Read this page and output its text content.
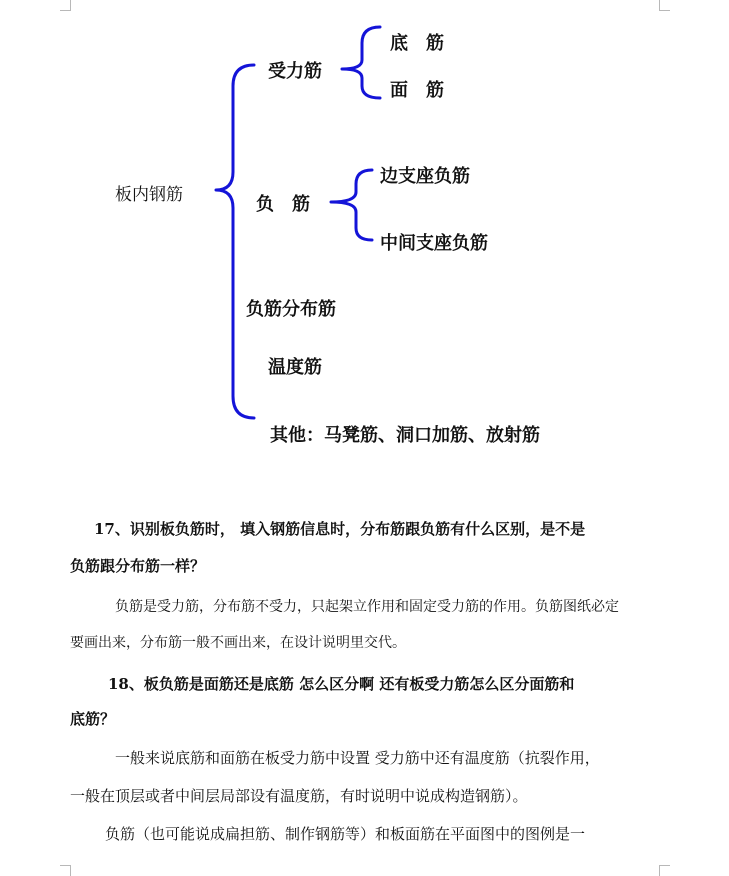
板内钢筋
受力筋
底　筋
面　筋
负　筋
边支座负筋
中间支座负筋
负筋分布筋
温度筋
其他：马凳筋、洞口加筋、放射筋
17、识别板负筋时， 填入钢筋信息时，分布筋跟负筋有什么区别，是不是
负筋跟分布筋一样？
负筋是受力筋，分布筋不受力，只起架立作用和固定受力筋的作用。负筋图纸必定
要画出来，分布筋一般不画出来，在设计说明里交代。
18、板负筋是面筋还是底筋 怎么区分啊 还有板受力筋怎么区分面筋和
底筋？
一般来说底筋和面筋在板受力筋中设置 受力筋中还有温度筋（抗裂作用，
一般在顶层或者中间层局部设有温度筋，有时说明中说成构造钢筋）。
负筋（也可能说成扁担筋、制作钢筋等）和板面筋在平面图中的图例是一
